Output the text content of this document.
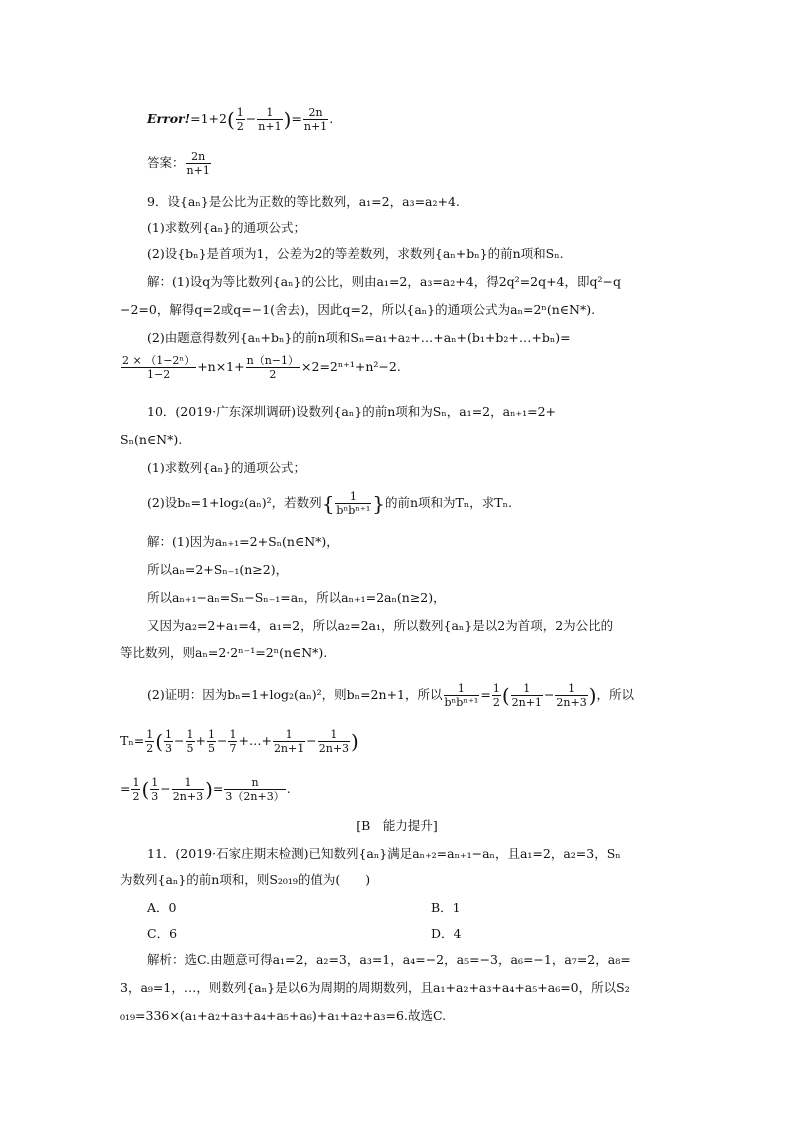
Error!=1+2( $\frac{1}{2} - \frac{1}{n+1}$ )= $\frac{2n}{n+1}$ .
答案： $\frac{2n}{n+1}$
9．设{aₙ}是公比为正数的等比数列，a₁=2，a₃=a₂+4.
(1)求数列{aₙ}的通项公式；
(2)设{bₙ}是首项为1，公差为2的等差数列，求数列{aₙ+bₙ}的前n项和Sₙ.
解：(1)设q为等比数列{aₙ}的公比，则由a₁=2，a₃=a₂+4，得2q²=2q+4，即q²−q
−2=0，解得q=2或q=−1(舍去)，因此q=2，所以{aₙ}的通项公式为aₙ=2ⁿ(n∈N*).
(2)由题意得数列{aₙ+bₙ}的前n项和Sₙ=a₁+a₂+…+aₙ+(b₁+b₂+…+bₙ)=
$\frac{\text{2 × （1−2ⁿ）}}{1-2} +n\times 1+ \frac{n(n-1)}{2} \times 2=2^{n+1}+n^2-2$.
10．(2019·广东深圳调研)设数列{aₙ}的前n项和为Sₙ，a₁=2，aₙ₊₁=2+
Sₙ(n∈N*).
(1)求数列{aₙ}的通项公式；
(2)设bₙ=1+log₂(aₙ)²，若数列{ $\frac{1}{\text{bⁿbⁿ⁺¹}}$ }的前n项和为Tₙ，求Tₙ.
解：(1)因为aₙ₊₁=2+Sₙ(n∈N*)，
所以aₙ=2+Sₙ₋₁(n≥2)，
所以aₙ₊₁−aₙ=Sₙ−Sₙ₋₁=aₙ，所以aₙ₊₁=2aₙ(n≥2)，
又因为a₂=2+a₁=4，a₁=2，所以a₂=2a₁，所以数列{aₙ}是以2为首项，2为公比的
等比数列，则aₙ=2·2ⁿ⁻¹=2ⁿ(n∈N*).
(2)证明：因为bₙ=1+log₂(aₙ)²，则bₙ=2n+1，所以 $\frac{1}{\text{bⁿbⁿ⁺¹}} = \frac{1}{2}$ ( $\frac{1}{2n+1} - \frac{1}{2n+3}$ )，所以
$T_n= \frac{1}{2}$ ( $\frac{1}{3} - \frac{1}{5} + \frac{1}{5} - \frac{1}{7}$ +…+ $\frac{1}{2n+1} - \frac{1}{2n+3}$ )
= $\frac{1}{2}$ ( $\frac{1}{3} - \frac{1}{2n+3}$ )= $\frac{n}{3(2n+3)}$ .
[B　能力提升]
11．(2019·石家庄期末检测)已知数列{aₙ}满足aₙ₊₂=aₙ₊₁−aₙ，且a₁=2，a₂=3，Sₙ
为数列{aₙ}的前n项和，则S₂₀₁₉的值为(　　)
A．0	B．1
C．6	D．4
解析：选C.由题意可得a₁=2，a₂=3，a₃=1，a₄=−2，a₅=−3，a₆=−1，a₇=2，a₈=
3，a₉=1，…，则数列{aₙ}是以6为周期的周期数列，且a₁+a₂+a₃+a₄+a₅+a₆=0，所以S₂
₀₁₉=336×(a₁+a₂+a₃+a₄+a₅+a₆)+a₁+a₂+a₃=6.故选C.
